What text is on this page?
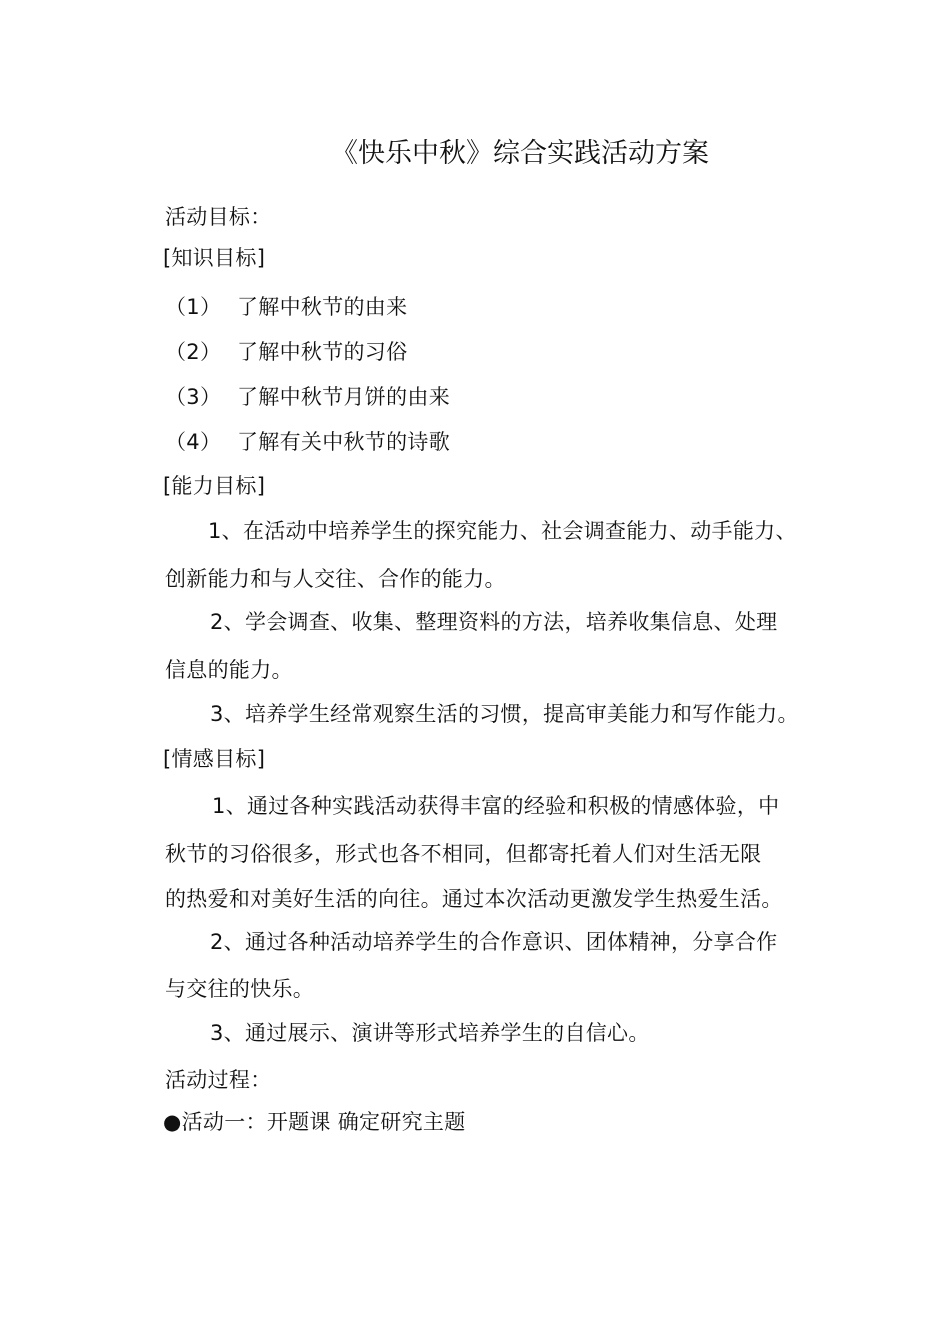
《快乐中秋》综合实践活动方案
活动目标：
[知识目标]
（1） 了解中秋节的由来
（2） 了解中秋节的习俗
（3） 了解中秋节月饼的由来
（4） 了解有关中秋节的诗歌
[能力目标]
1、在活动中培养学生的探究能力、社会调查能力、动手能力、
创新能力和与人交往、合作的能力。
2、学会调查、收集、整理资料的方法，培养收集信息、处理
信息的能力。
3、培养学生经常观察生活的习惯，提高审美能力和写作能力。
[情感目标]
1、通过各种实践活动获得丰富的经验和积极的情感体验，中
秋节的习俗很多，形式也各不相同，但都寄托着人们对生活无限
的热爱和对美好生活的向往。通过本次活动更激发学生热爱生活。
2、通过各种活动培养学生的合作意识、团体精神，分享合作
与交往的快乐。
3、通过展示、演讲等形式培养学生的自信心。
活动过程：
●活动一：开题课 确定研究主题
